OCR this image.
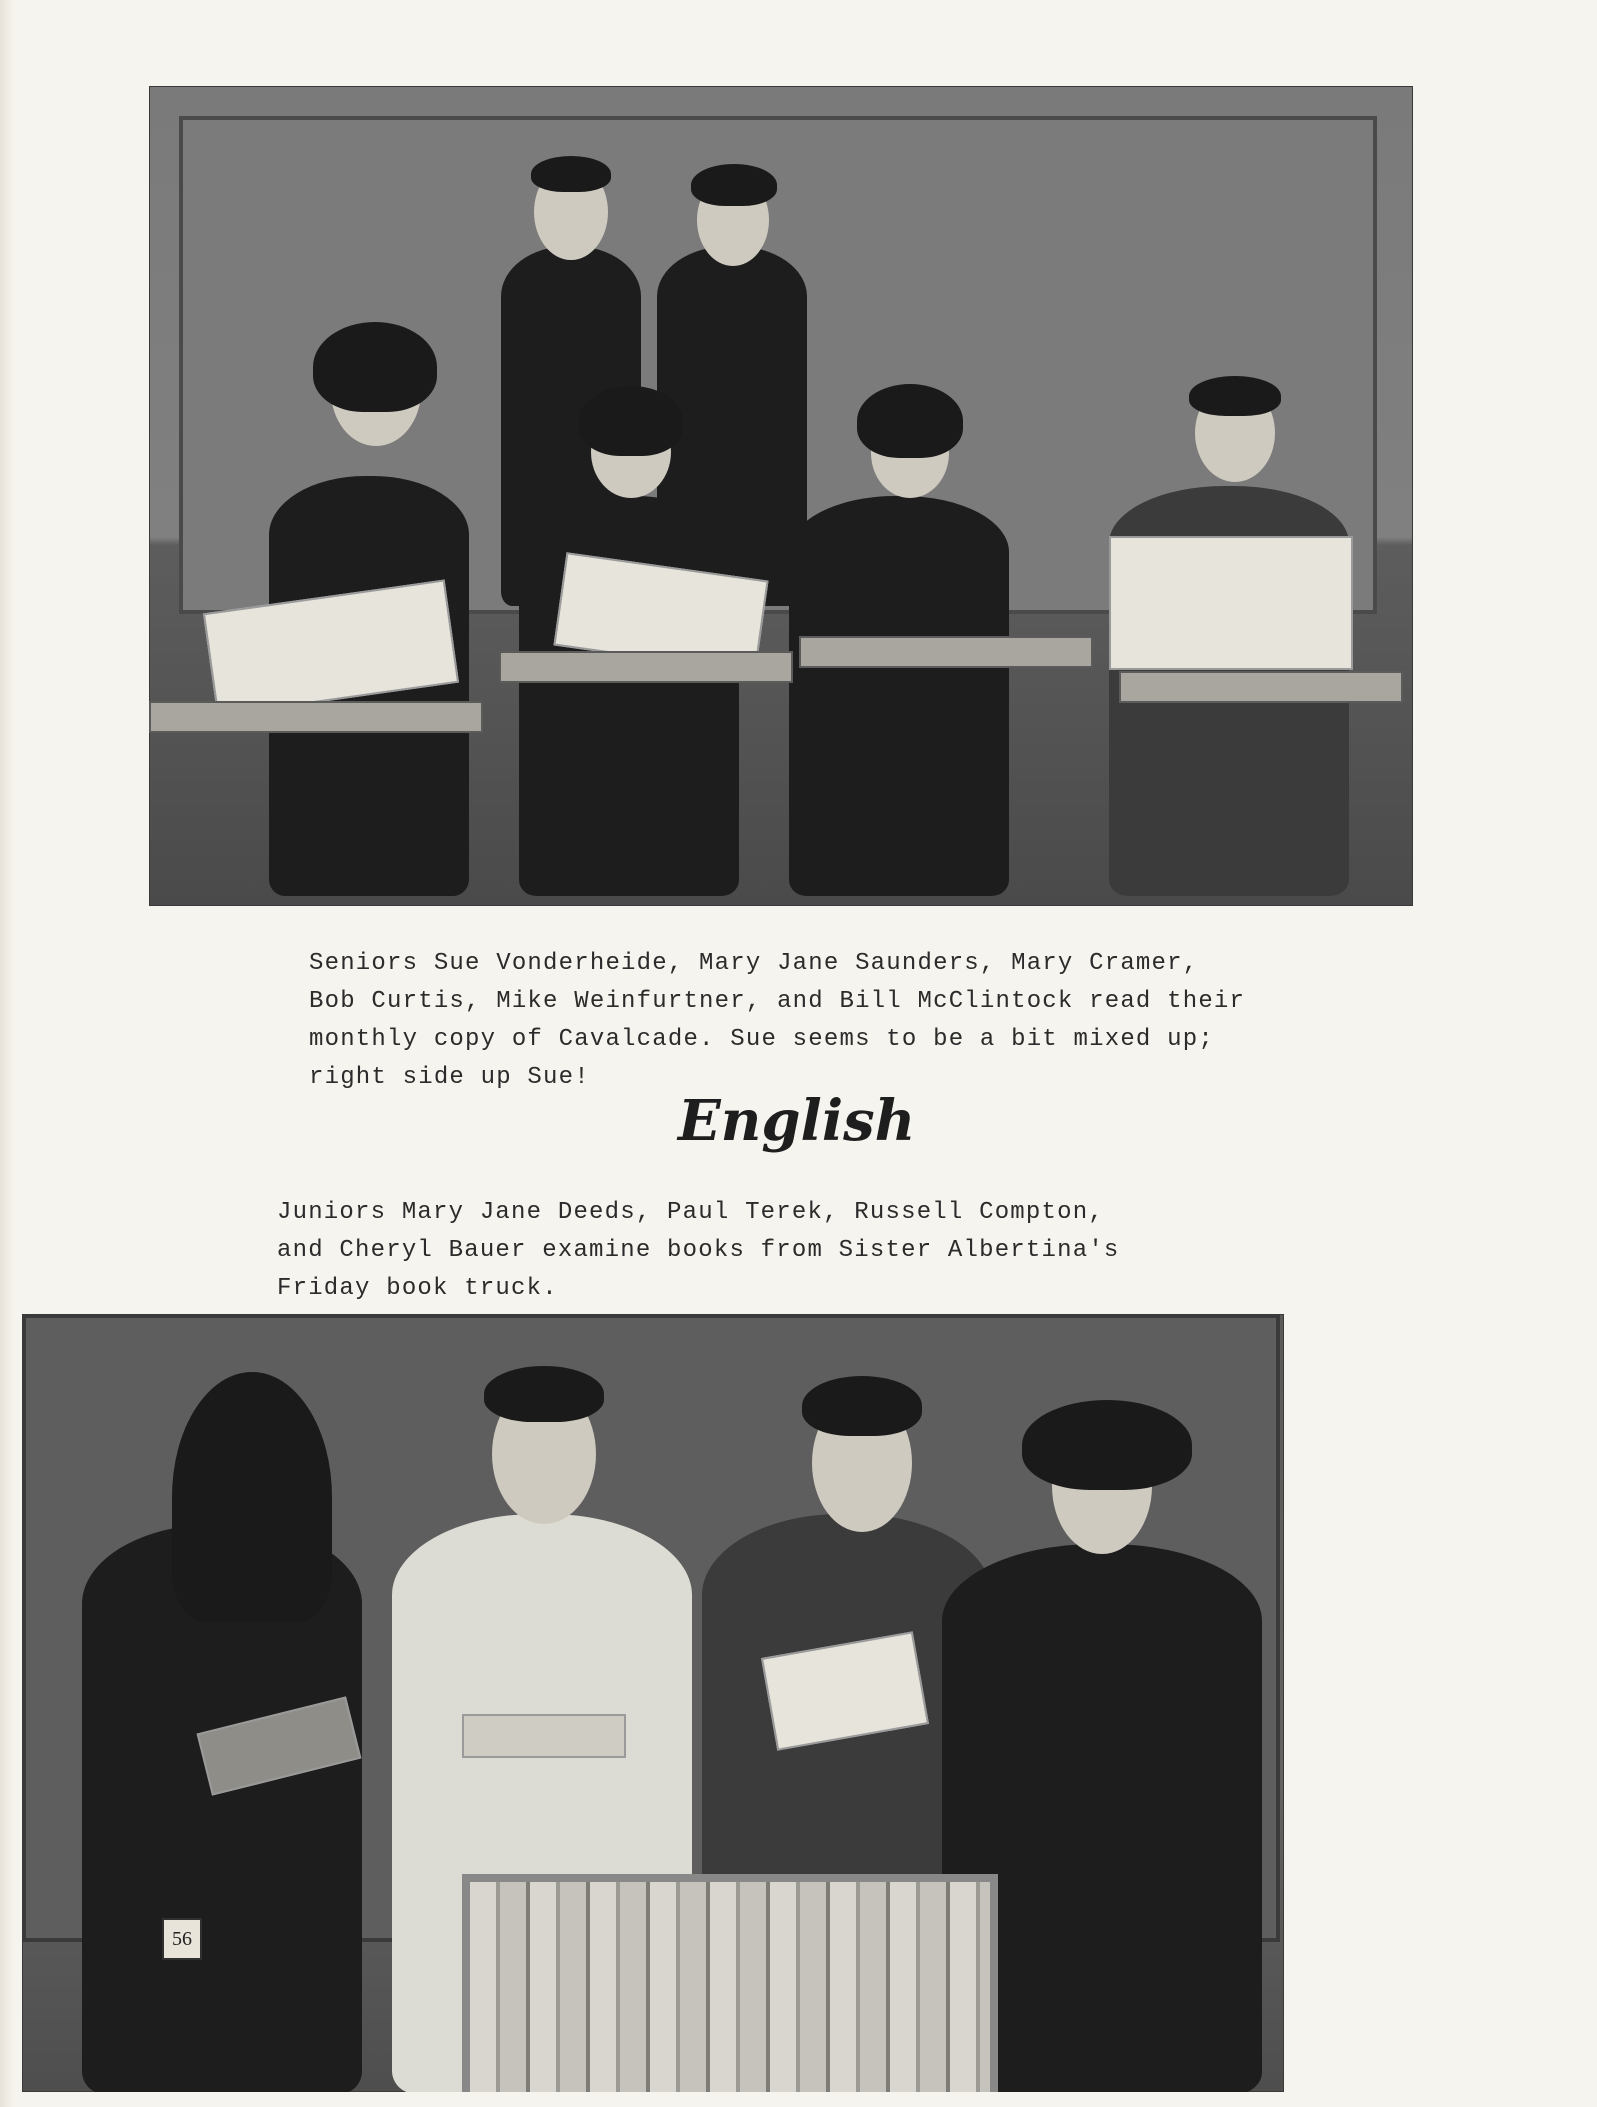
Seniors Sue Vonderheide, Mary Jane Saunders, Mary Cramer,
Bob Curtis, Mike Weinfurtner, and Bill McClintock read their
monthly copy of Cavalcade. Sue seems to be a bit mixed up;
right side up Sue!
English
Juniors Mary Jane Deeds, Paul Terek, Russell Compton,
and Cheryl Bauer examine books from Sister Albertina's
Friday book truck.
56
